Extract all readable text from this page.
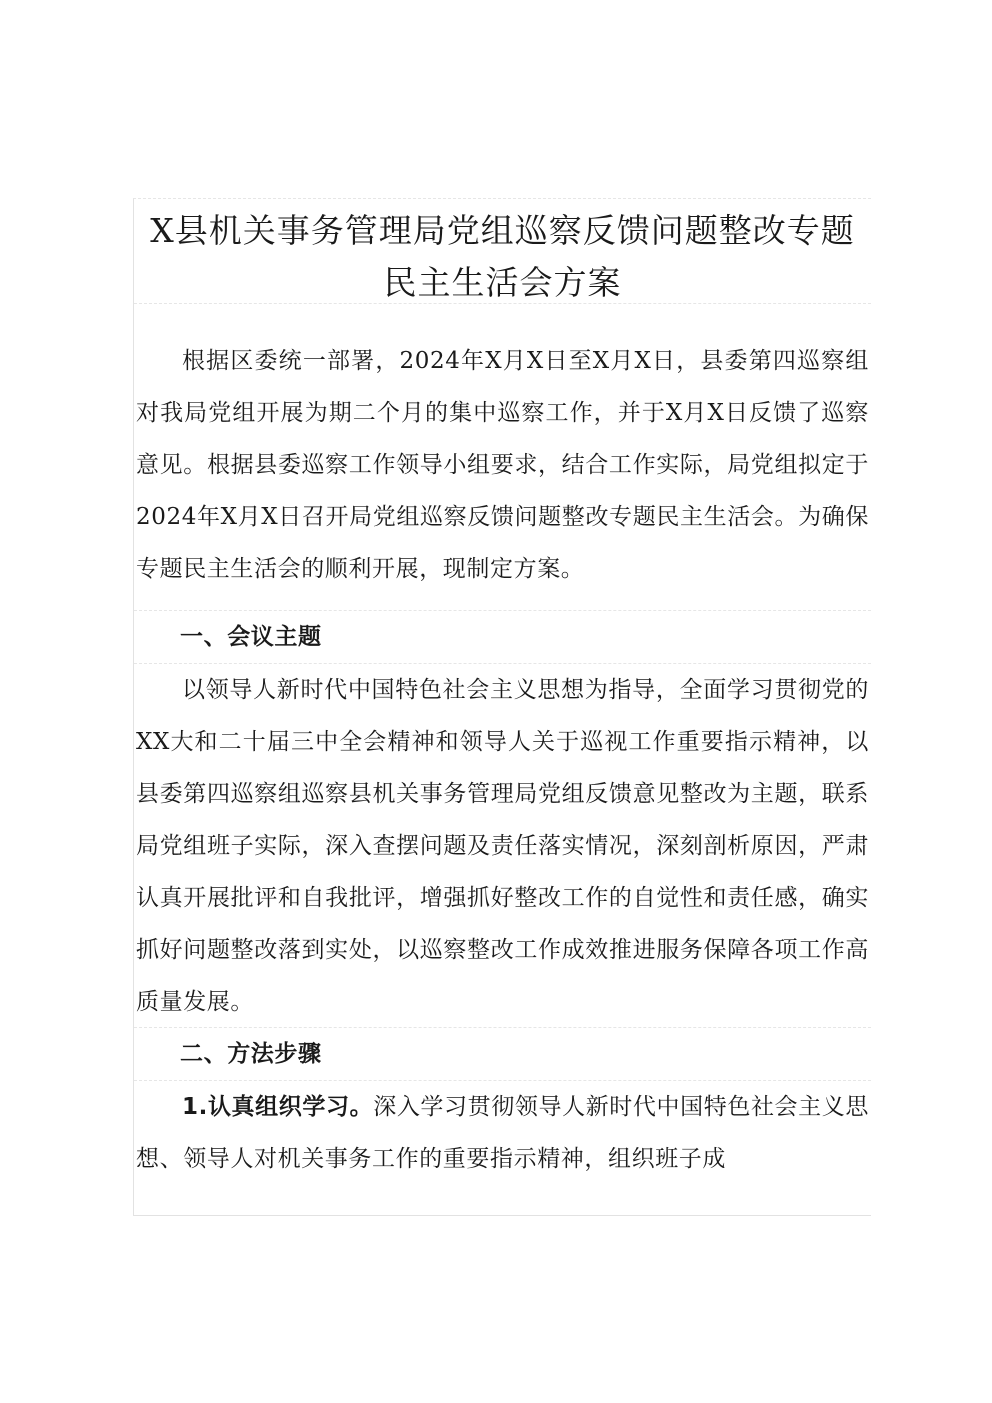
X县机关事务管理局党组巡察反馈问题整改专题民主生活会方案
根据区委统一部署，2024年X月X日至X月X日，县委第四巡察组对我局党组开展为期二个月的集中巡察工作，并于X月X日反馈了巡察意见。根据县委巡察工作领导小组要求，结合工作实际，局党组拟定于2024年X月X日召开局党组巡察反馈问题整改专题民主生活会。为确保专题民主生活会的顺利开展，现制定方案。
一、会议主题
以领导人新时代中国特色社会主义思想为指导，全面学习贯彻党的XX大和二十届三中全会精神和领导人关于巡视工作重要指示精神，以县委第四巡察组巡察县机关事务管理局党组反馈意见整改为主题，联系局党组班子实际，深入查摆问题及责任落实情况，深刻剖析原因，严肃认真开展批评和自我批评，增强抓好整改工作的自觉性和责任感，确实抓好问题整改落到实处，以巡察整改工作成效推进服务保障各项工作高质量发展。
二、方法步骤
1.认真组织学习。深入学习贯彻领导人新时代中国特色社会主义思想、领导人对机关事务工作的重要指示精神，组织班子成
